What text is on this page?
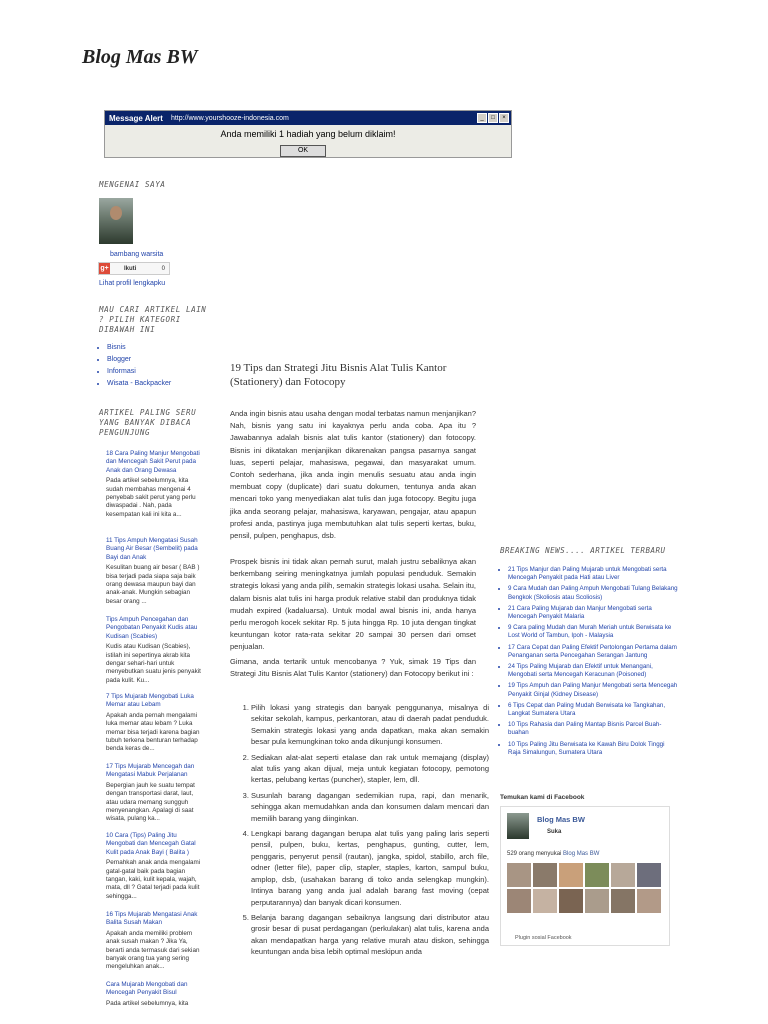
Blog Mas BW
Message Alert http://www.yourshooze-indonesia.com	_	□	×
Anda memiliki 1 hadiah yang belum diklaim!
OK
MENGENAI SAYA
bambang warsita
g+	Ikuti	0
Lihat profil lengkapku
MAU CARI ARTIKEL LAIN ? PILIH KATEGORI DIBAWAH INI
• Bisnis
• Blogger
• Informasi
• Wisata - Backpacker
ARTIKEL PALING SERU YANG BANYAK DIBACA PENGUNJUNG
18 Cara Paling Manjur Mengobati dan Mencegah Sakit Perut pada Anak dan Orang Dewasa
Pada artikel sebelumnya, kita sudah membahas mengenai 4 penyebab sakit perut yang perlu diwaspadai . Nah, pada kesempatan kali ini kita a...
11 Tips Ampuh Mengatasi Susah Buang Air Besar (Sembelit) pada Bayi dan Anak
Kesulitan buang air besar ( BAB ) bisa terjadi pada siapa saja baik orang dewasa maupun bayi dan anak-anak. Mungkin sebagian besar orang ...
Tips Ampuh Pencegahan dan Pengobatan Penyakit Kudis atau Kudisan (Scabies)
Kudis atau Kudisan (Scabies), istilah ini sepertinya akrab kita dengar sehari-hari untuk menyebutkan suatu jenis penyakit pada kulit. Ku...
7 Tips Mujarab Mengobati Luka Memar atau Lebam
Apakah anda pernah mengalami luka memar atau lebam ? Luka memar bisa terjadi karena bagian tubuh terkena benturan terhadap benda keras de...
17 Tips Mujarab Mencegah dan Mengatasi Mabuk Perjalanan
Bepergian jauh ke suatu tempat dengan transportasi darat, laut, atau udara memang sungguh menyenangkan. Apalagi di saat wisata, pulang ka...
10 Cara (Tips) Paling Jitu Mengobati dan Mencegah Gatal Kulit pada Anak Bayi ( Balita )
Pernahkah anak anda mengalami gatal-gatal baik pada bagian tangan, kaki, kulit kepala, wajah, mata, dll ? Gatal terjadi pada kulit sehingga...
16 Tips Mujarab Mengatasi Anak Balita Susah Makan
Apakah anda memiliki problem anak susah makan ? Jika Ya, berarti anda termasuk dari sekian banyak orang tua yang sering mengeluhkan anak...
Cara Mujarab Mengobati dan Mencegah Penyakit Bisul
Pada artikel sebelumnya, kita
19 Tips dan Strategi Jitu Bisnis Alat Tulis Kantor (Stationery) dan Fotocopy

Anda ingin bisnis atau usaha dengan modal terbatas namun menjanjikan? Nah, bisnis yang satu ini kayaknya perlu anda coba. Apa itu ? Jawabannya adalah bisnis alat tulis kantor (stationery) dan fotocopy. Bisnis ini dikatakan menjanjikan dikarenakan pangsa pasarnya sangat luas, seperti pelajar, mahasiswa, pegawai, dan masyarakat umum. Contoh sederhana, jika anda ingin menulis sesuatu atau anda ingin membuat copy (duplicate) dari suatu dokumen, tentunya anda akan mencari toko yang menyediakan alat tulis dan juga fotocopy. Begitu juga jika anda seorang pelajar, mahasiswa, karyawan, pengajar, atau apapun profesi anda, pastinya juga membutuhkan alat tulis seperti kertas, buku, pensil, pulpen, penghapus, dsb.

Prospek bisnis ini tidak akan pernah surut, malah justru sebaliknya akan berkembang seiring meningkatnya jumlah populasi penduduk. Semakin strategis lokasi yang anda pilih, semakin strategis lokasi usaha. Selain itu, dalam bisnis alat tulis ini harga produk relative stabil dan produknya tidak mudah expired (kadaluarsa). Untuk modal awal bisnis ini, anda hanya perlu merogoh kocek sekitar Rp. 5 juta hingga Rp. 10 juta dengan tingkat keuntungan kotor rata-rata sekitar 20 sampai 30 persen dari omset penjualan.

Gimana, anda tertarik untuk mencobanya ? Yuk, simak 19 Tips dan Strategi Jitu Bisnis Alat Tulis Kantor (stationery) dan Fotocopy berikut ini :

1. Pilih lokasi yang strategis dan banyak penggunanya, misalnya di sekitar sekolah, kampus, perkantoran, atau di daerah padat penduduk. Semakin strategis lokasi yang anda dapatkan, maka akan semakin besar pula kemungkinan toko anda dikunjungi konsumen.
2. Sediakan alat-alat seperti etalase dan rak untuk memajang (display) alat tulis yang akan dijual, meja untuk kegiatan fotocopy, pemotong kertas, pelubang kertas (puncher), stapler, lem, dll.
3. Susunlah barang dagangan sedemikian rupa, rapi, dan menarik, sehingga akan memudahkan anda dan konsumen dalam mencari dan memilih barang yang diinginkan.
4. Lengkapi barang dagangan berupa alat tulis yang paling laris seperti pensil, pulpen, buku, kertas, penghapus, gunting, cutter, lem, penggaris, penyerut pensil (rautan), jangka, spidol, stabillo, arch file, odner (letter file), paper clip, stapler, staples, karton, sampul buku, amplop, dsb, (usahakan barang di toko anda selengkap mungkin). Intinya barang yang anda jual adalah barang fast moving (cepat perputarannya) dan banyak dicari konsumen.
5. Belanja barang dagangan sebaiknya langsung dari distributor atau grosir besar di pusat perdagangan (perkulakan) alat tulis, karena anda akan mendapatkan harga yang relative murah atau diskon, sehingga keuntungan anda bisa lebih optimal meskipun anda
BREAKING NEWS.... ARTIKEL TERBARU
• 21 Tips Manjur dan Paling Mujarab untuk Mengobati serta Mencegah Penyakit pada Hati atau Liver
• 9 Cara Mudah dan Paling Ampuh Mengobati Tulang Belakang Bengkok (Skoliosis atau Scoliosis)
• 21 Cara Paling Mujarab dan Manjur Mengobati serta Mencegah Penyakit Malaria
• 9 Cara paling Mudah dan Murah Meriah untuk Berwisata ke Lost World of Tambun, Ipoh - Malaysia
• 17 Cara Cepat dan Paling Efektif Pertolongan Pertama dalam Penanganan serta Pencegahan Serangan Jantung
• 24 Tips Paling Mujarab dan Efektif untuk Menangani, Mengobati serta Mencegah Keracunan (Poisoned)
• 19 Tips Ampuh dan Paling Manjur Mengobati serta Mencegah Penyakit Ginjal (Kidney Disease)
• 6 Tips Cepat dan Paling Mudah Berwisata ke Tangkahan, Langkat Sumatera Utara
• 10 Tips Rahasia dan Paling Mantap Bisnis Parcel Buah-buahan
• 10 Tips Paling Jitu Berwisata ke Kawah Biru Dolok Tinggi Raja Simalungun, Sumatera Utara
Temukan kami di Facebook
Blog Mas BW
Suka
529 orang menyukai Blog Mas BW
Plugin sosial Facebook
